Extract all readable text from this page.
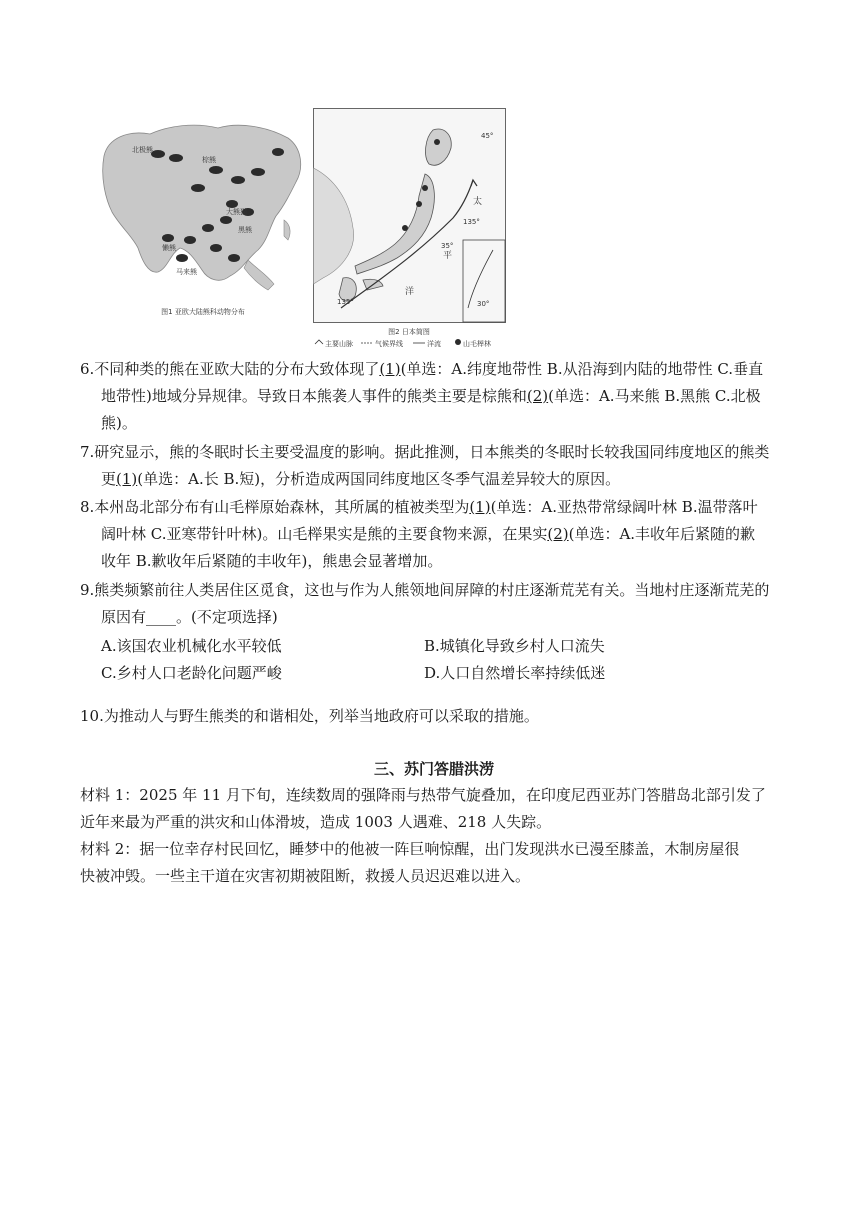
北极熊
棕熊
大熊猫
黑熊
懒熊
马来熊
图1 亚欧大陆熊科动物分布
45°
太
平
洋
135°
35°
135°	30°
图2 日本简图
主要山脉	气候界线	洋流	山毛榉林
6.不同种类的熊在亚欧大陆的分布大致体现了(1)(单选：A.纬度地带性 B.从沿海到内陆的地带性 C.垂直
地带性)地域分异规律。导致日本熊袭人事件的熊类主要是棕熊和(2)(单选：A.马来熊 B.黑熊 C.北极
熊)。
7.研究显示，熊的冬眠时长主要受温度的影响。据此推测，日本熊类的冬眠时长较我国同纬度地区的熊类
更(1)(单选：A.长 B.短)，分析造成两国同纬度地区冬季气温差异较大的原因。
8.本州岛北部分布有山毛榉原始森林，其所属的植被类型为(1)(单选：A.亚热带常绿阔叶林 B.温带落叶
阔叶林 C.亚寒带针叶林)。山毛榉果实是熊的主要食物来源，在果实(2)(单选：A.丰收年后紧随的歉
收年 B.歉收年后紧随的丰收年)，熊患会显著增加。
9.熊类频繁前往人类居住区觅食，这也与作为人熊领地间屏障的村庄逐渐荒芜有关。当地村庄逐渐荒芜的
原因有____。(不定项选择)
A.该国农业机械化水平较低	B.城镇化导致乡村人口流失
C.乡村人口老龄化问题严峻	D.人口自然增长率持续低迷
10.为推动人与野生熊类的和谐相处，列举当地政府可以采取的措施。
三、苏门答腊洪涝
材料 1：2025 年 11 月下旬，连续数周的强降雨与热带气旋叠加，在印度尼西亚苏门答腊岛北部引发了
近年来最为严重的洪灾和山体滑坡，造成 1003 人遇难、218 人失踪。
材料 2：据一位幸存村民回忆，睡梦中的他被一阵巨响惊醒，出门发现洪水已漫至膝盖，木制房屋很
快被冲毁。一些主干道在灾害初期被阻断，救援人员迟迟难以进入。
